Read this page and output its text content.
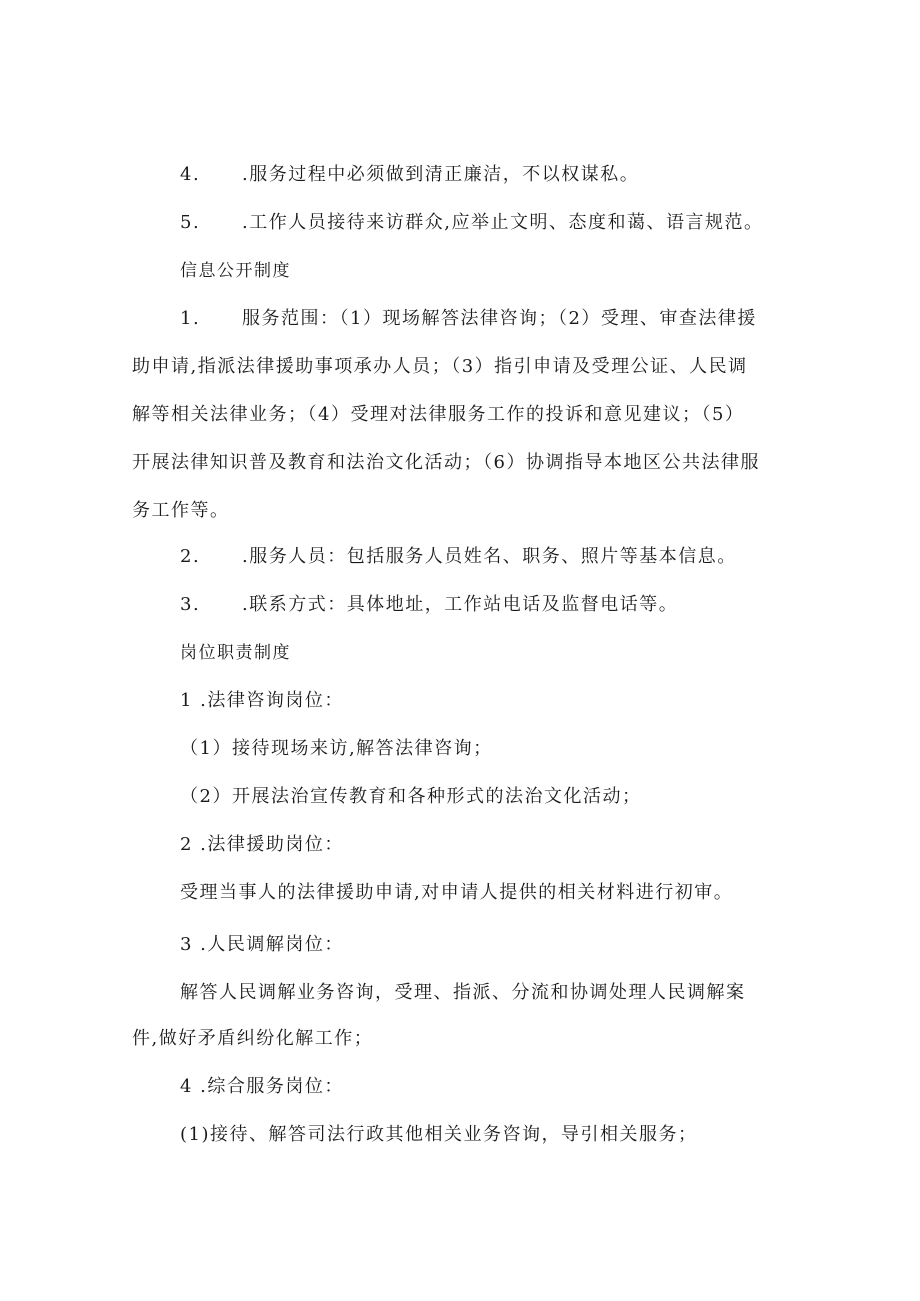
4. .服务过程中必须做到清正廉洁，不以权谋私。
5. .工作人员接待来访群众,应举止文明、态度和蔼、语言规范。
信息公开制度
1. 服务范围：（1）现场解答法律咨询；（2）受理、审查法律援
助申请,指派法律援助事项承办人员；（3）指引申请及受理公证、人民调
解等相关法律业务；（4）受理对法律服务工作的投诉和意见建议；（5）
开展法律知识普及教育和法治文化活动；（6）协调指导本地区公共法律服
务工作等。
2. .服务人员：包括服务人员姓名、职务、照片等基本信息。
3. .联系方式：具体地址，工作站电话及监督电话等。
岗位职责制度
1 .法律咨询岗位：
（1）接待现场来访,解答法律咨询；
（2）开展法治宣传教育和各种形式的法治文化活动；
2 .法律援助岗位：
受理当事人的法律援助申请,对申请人提供的相关材料进行初审。
3 .人民调解岗位：
解答人民调解业务咨询，受理、指派、分流和协调处理人民调解案
件,做好矛盾纠纷化解工作；
4 .综合服务岗位：
(1)接待、解答司法行政其他相关业务咨询，导引相关服务；
